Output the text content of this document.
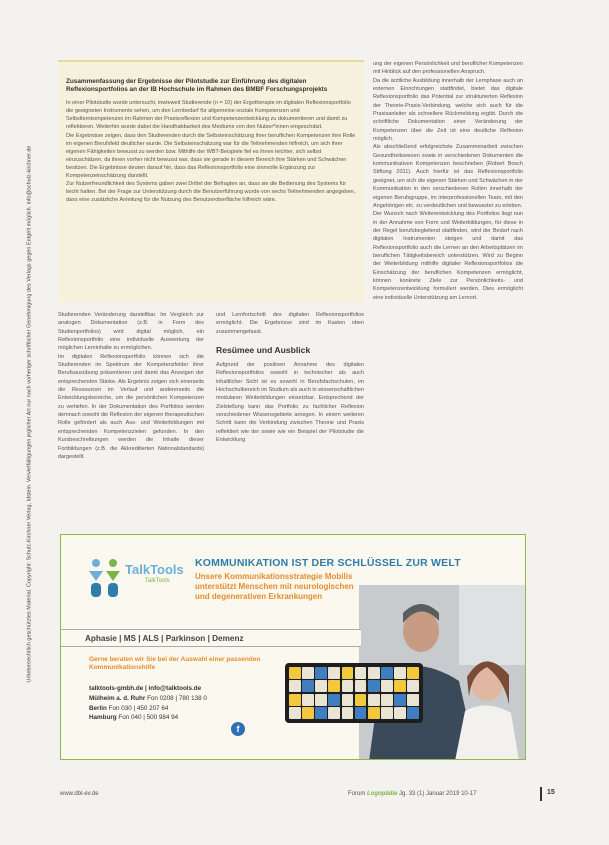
Urheberrechtlich geschütztes Material. Copyright: Schulz-Kirchner Verlag, Idstein. Vervielfältigungen jeglicher Art nur nach vorheriger schriftlicher Genehmigung des Verlags gegen Entgelt möglich. info@schulz-kirchner.de
Zusammenfassung der Ergebnisse der Pilotstudie zur Einführung des digitalen Reflexionsportfolios an der IB Hochschule im Rahmen des BMBF Forschungsprojekts

In einer Pilotstudie wurde untersucht, inwieweit Studierende (n = 10) der Ergotherapie im digitalen Reflexionsportfolio die geeigneten Instrumente sehen, um den Lernbedarf für allgemeine soziale Kompetenzen und Selbstlernkompetenzen im Rahmen der Praxisreflexion und Kompetenzentwicklung zu dokumentieren und damit zu reflektieren. Weiterhin wurde dabei die Handhabbarkeit des Mediums von den Nutzer*innen eingeschätzt.

Die Ergebnisse zeigen, dass den Studierenden durch die Selbsteinschätzung ihrer beruflichen Kompetenzen ihre Rolle im eigenen Berufsfeld deutlicher wurde. Die Selbsteinschätzung war für die Teilnehmenden hilfreich, um sich ihrer eigenen Fähigkeiten bewusst zu werden bzw. Mithilfe der WBT-Beispiele fiel es ihnen leichter, sich selbst einzuschätzen, da ihnen vorher nicht bewusst war, dass sie gerade in diesem Bereich ihre Stärken und Schwächen besitzen. Die Ergebnisse deuten darauf hin, dass das Reflexionsportfolio eine sinnvolle Ergänzung zur Kompetenzeinschätzung darstellt.

Zur Nutzerfreundlichkeit des Systems gaben zwei Drittel der Befragten an, dass sie die Bedienung des Systems für leicht halten. Bei der Frage zur Unterstützung durch die Benutzerführung wurde von sechs Teilnehmenden angegeben, dass eine zusätzliche Anleitung für die Nutzung des Benutzeroberfläche hilfreich wäre.

Studierenden Veränderung darstellbar. Im Vergleich zur analogen Dokumentation (z.B. in Form des Studienportfolios) wird digital möglich, ein Reflexionsportfolio eine individuelle Auswertung der möglichen Lerninhalte zu ermöglichen.

Im digitalen Reflexionsportfolio können sich die Studierenden im Spektrum der Kompetenzfelder ihrer Berufsausübung präsentieren und damit das Anzeigen der entsprechenden Stärke. Als Ergebnis zeigen sich einerseits die Ressourcen im Verlauf und andererseits die Entwicklungsbereiche, um die persönlichen Kompetenzen zu vertiefen. In der Dokumentation des Portfolios werden demnach sowohl die Reflexion der eigenen therapeutischen Rolle gefördert als auch Aus- und Weiterbildungen mit entsprechenden Kompetenzzielen gefunden. In den Kursbeschreibungen werden die Inhalte dieser Fortbildungen (z.B. die Akkreditierten Nationalstandards) dargestellt.

und Lernfortschritt des digitalen Reflexionsportfolios ermöglicht. Die Ergebnisse sind im Kasten oben zusammengefasst.

Resümee und Ausblick

Aufgrund der positiven Annahme des digitalen Reflexionsportfolios sowohl in technischer als auch inhaltlicher Sicht ist es sowohl in Berufsfachschulen, im Hochschulbereich im Studium als auch in wissenschaftlichen modularen Weiterbildungen einsetzbar. Entsprechend der Zielstellung kann das Portfolio zu fachlicher Reflexion verschiedener Wissensgebiete anregen. In einem weiteren Schritt kann die Verbindung zwischen Theorie und Praxis reflektiert wie der sowie wie ein Beispiel der Pilotstudie die Entwicklung

ung der eigenen Persönlichkeit und beruflicher Kompetenzen mit Hinblick auf den professionellen Anspruch.

Da die ärztliche Ausbildung innerhalb der Lernphase auch an externen Einrichtungen stattfindet, bietet das digitale Reflexionsportfolio das Potential zur strukturierten Reflexion der Theorie-Praxis-Verbindung, welche sich auch für die Praxisanleiter als schnellere Rückmeldung ergibt. Durch die schriftliche Dokumentation einer Veränderung der Kompetenzen über die Zeit ist eine deutliche Reflexion möglich.

Als abschließend erfolgreichste Zusammenarbeit zwischen Gesundheitswesen sowie in verschiedenen Dokumenten die kommunikativen Kompetenzen beschrieben (Robert Bosch Stiftung 2011). Auch hierfür ist das Reflexionsportfolio geeignet, um sich die eigenen Stärken und Schwächen in der Kommunikation in den verschiedenen Rollen innerhalb der eigenen Berufsgruppe, im interprofessionellen Team, mit den Angehörigen etc. zu verdeutlichen und bewusster zu erleben.

Der Wunsch nach Weiterentwicklung des Portfolios liegt nun in der Annahme von Form und Weiterbildungen, für diese in der Regel berufsbegleitend stattfinden, wird der Bedarf nach digitalen Instrumenten steigen und damit das Reflexionsportfolio auch die Lernen an den Arbeitsplätzen im beruflichen Tätigkeitsbereich unterstützen. Wird zu Beginn der Weiterbildung mithilfe digitaler Reflexionsportfolios die Einschätzung der beruflichen Kompetenzen ermöglicht, können konkrete Ziele zur Persönlichkeits- und Kompetenzentwicklung formuliert werden. Dies ermöglicht eine individuelle Unterstützung am Lernort.

TalkTools
TalkTools
KOMMUNIKATION IST DER SCHLÜSSEL ZUR WELT
Unsere Kommunikationsstrategie Mobilis unterstützt Menschen mit neurologischen und degenerativen Erkrankungen
Aphasie | MS | ALS | Parkinson | Demenz
Gerne beraten wir Sie bei der Auswahl einer passenden Kommunikationshilfe
talktools-gmbh.de | info@talktools.de
Mülheim a. d. Ruhr Fon 0208 | 780 138 0
Berlin Fon 030 | 450 207 64
Hamburg Fon 040 | 500 984 94
f
www.dbl-ev.de	Forum Logopädie Jg. 33 (1) Januar 2019 10-17	15
